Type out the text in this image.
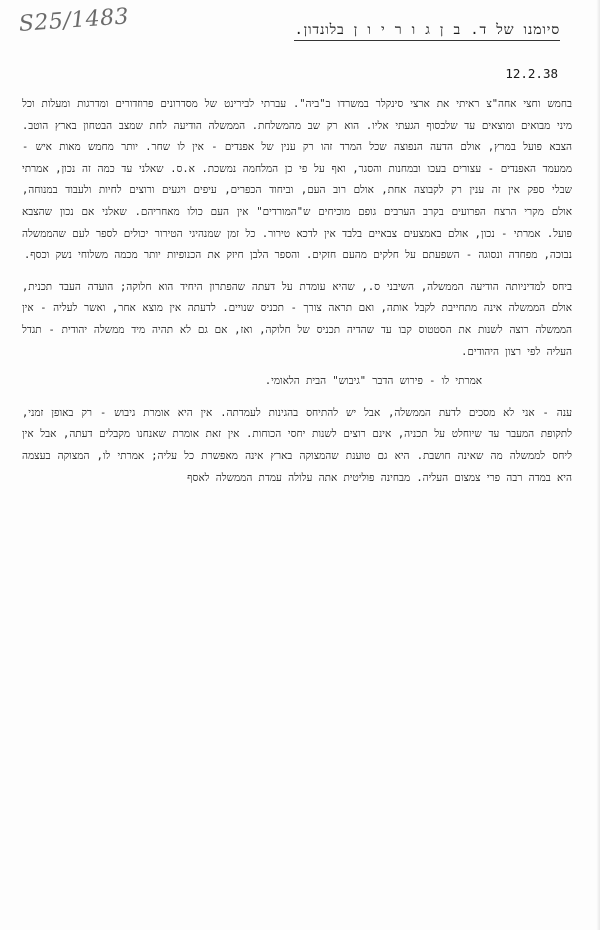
S25/1483	סיומנו של ד. ב ן ג ו ר י ו ן בלונדון.
12.2.38

בחמש וחצי אחה"צ ראיתי את ארצי סינקלר במשרדו ב"ביה". עברתי לבירינט של מסדרונים פרוזדורים ומדרגות ומעלות וכל מיני מבואים ומוצאים עד שלבסוף הגעתי אליו. הוא רק שב מהמשלחת. הממשלה הודיעה לחת שמצב הבטחון בארץ הוטב. הצבא פועל במרץ, אולם הדעה הנפוצה שכל המרד זהו רק ענין של אפנדים - אין לו שחר. יותר מחמש מאות איש - ממעמד האפנדים - עצורים בעכו ובמחנות והסגר, ואף על פי כן המלחמה נמשכת. א.ס. שאלני עד כמה זה נכון, אמרתי שבלי ספק אין זה ענין רק לקבוצה אחת, אולם רוב העם, וביחוד הכפרים, עיפים ויגעים ורוצים לחיות ולעבוד במנוחה, אולם מקרי הרצח הפרועים בקרב הערבים גופם מוכיחים ש"המורדים" אין העם כולו מאחריהם. שאלני אם נכון שהצבא פועל. אמרתי - נכון, אולם באמצעים צבאיים בלבד אין לדכא טירור. כל זמן שמנהיגי הטירור יכולים לספר לעם שהממשלה נבוכה, מפחדה ונסוגה - השפעתם על חלקים מהעם חזקים. והספר הלבן חיזק את הכנופיות יותר מכמה משלוחי נשק וכסף.

ביחס למדיניותה הודיעה הממשלה, השיבני ס., שהיא עומדת על דעתה שהפתרון היחיד הוא חלוקה; הועדה העבד תכנית, אולם הממשלה אינה מתחייבת לקבל אותה, ואם תראה צורך - תכניס שנויים. לדעתה אין מוצא אחר, ואשר לעליה - אין הממשלה רוצה לשנות את הסטטוס קבו עד שהדיה תכניס של חלוקה, ואז, אם גם לא תהיה מיד ממשלה יהודית - תגדל העליה לפי רצון היהודים.

אמרתי לו - פירוש הדבר "גיבוש" הבית הלאומי.

ענה - אני לא מסכים לדעת הממשלה, אבל יש להתיחס בהגינות לעמדתה. אין היא אומרת גיבוש - רק באופן זמני, לתקופת המעבר עד שיוחלט על תכניה, אינם רוצים לשנות יחסי הכוחות. אין זאת אומרת שאנחנו מקבלים דעתה, אבל אין ליחס לממשלה מה שאינה חושבת. היא גם טוענת שהמצוקה בארץ אינה מאפשרת כל עליה; אמרתי לו, המצוקה בעצמה היא במדה רבה פרי צמצום העליה. מבחינה פוליטית אתה עלולה עמדת הממשלה לאסף
